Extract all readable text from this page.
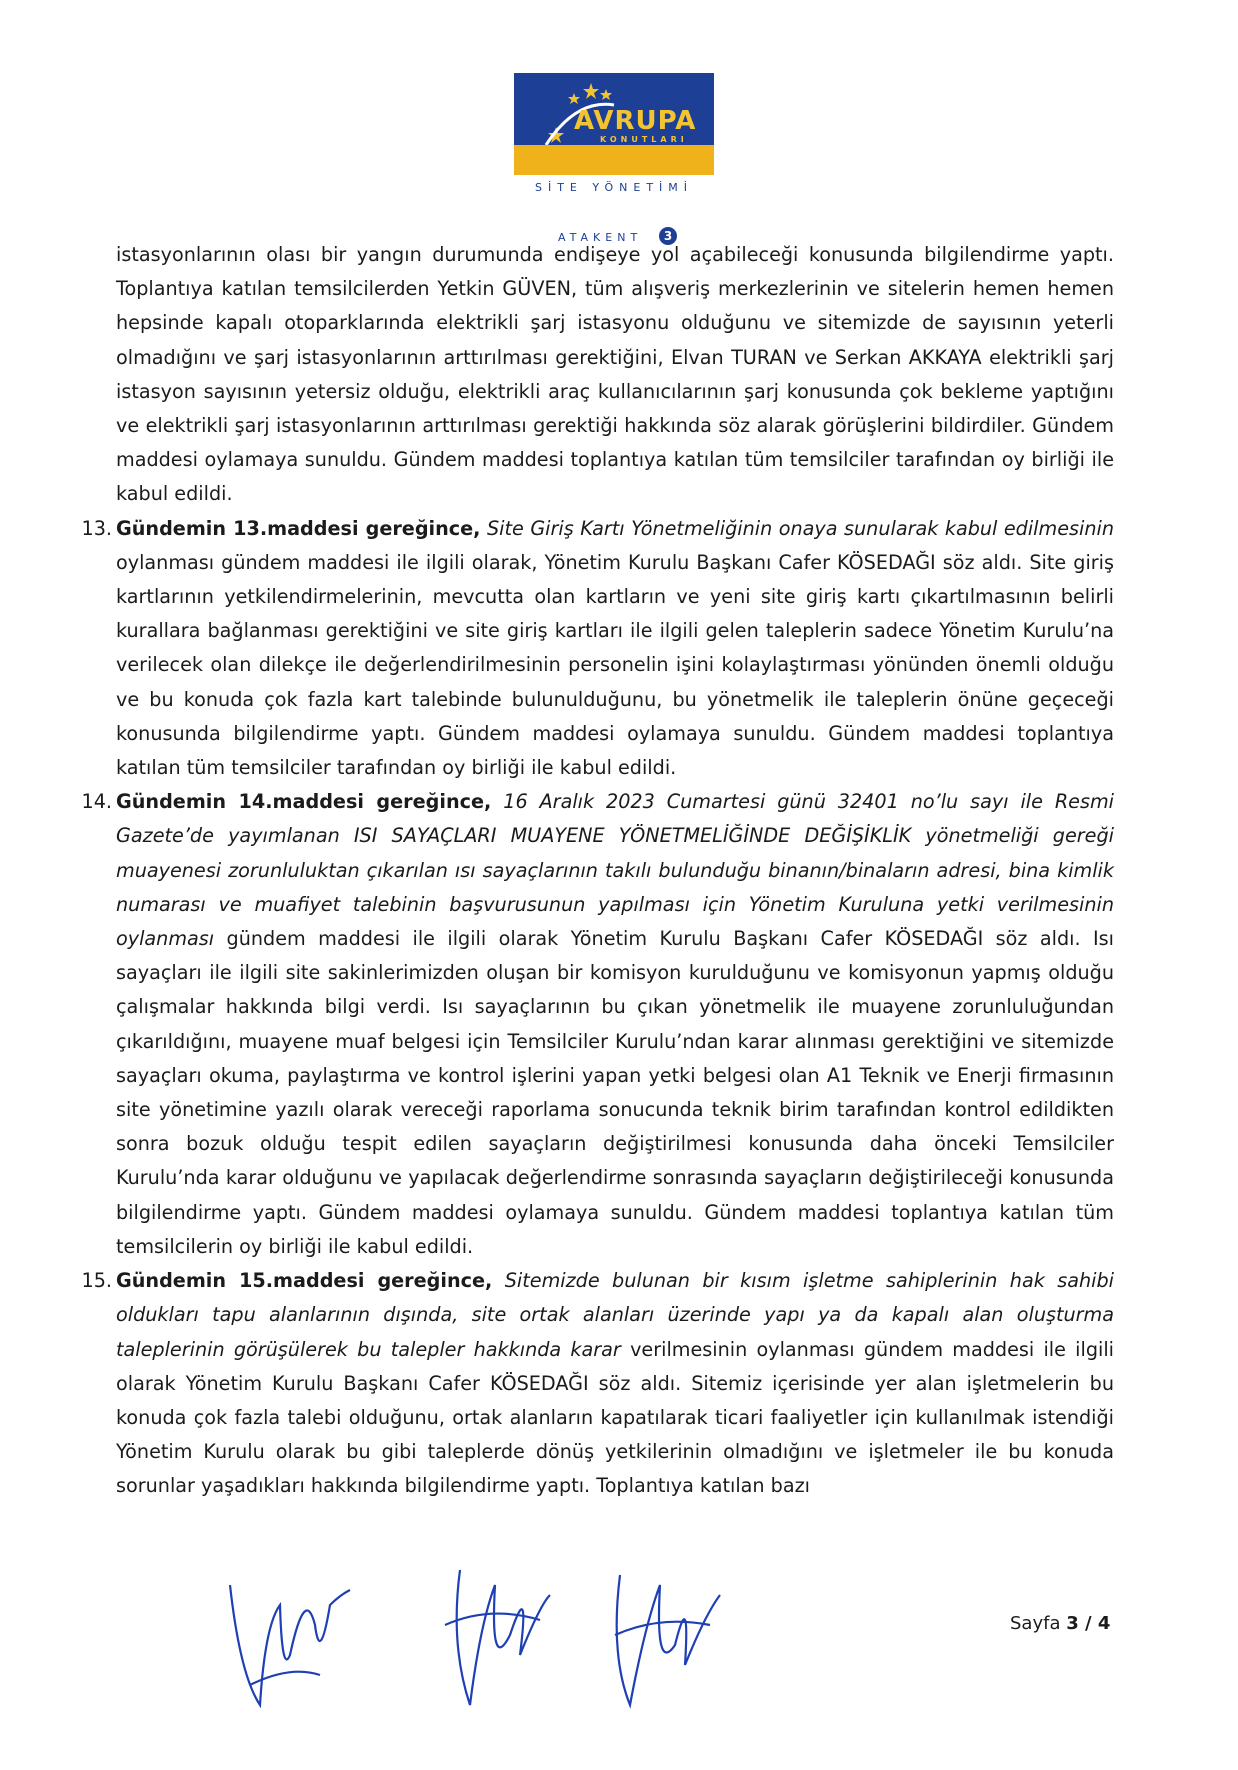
AVRUPA
KONUTLARI
ATAKENT	3
SİTE YÖNETİMİ

istasyonlarının olası bir yangın durumunda endişeye yol açabileceği konusunda bilgilendirme yaptı. Toplantıya katılan temsilcilerden Yetkin GÜVEN, tüm alışveriş merkezlerinin ve sitelerin hemen hemen hepsinde kapalı otoparklarında elektrikli şarj istasyonu olduğunu ve sitemizde de sayısının yeterli olmadığını ve şarj istasyonlarının arttırılması gerektiğini, Elvan TURAN ve Serkan AKKAYA elektrikli şarj istasyon sayısının yetersiz olduğu, elektrikli araç kullanıcılarının şarj konusunda çok bekleme yaptığını ve elektrikli şarj istasyonlarının arttırılması gerektiği hakkında söz alarak görüşlerini bildirdiler. Gündem maddesi oylamaya sunuldu. Gündem maddesi toplantıya katılan tüm temsilciler tarafından oy birliği ile kabul edildi.

13. Gündemin 13.maddesi gereğince, Site Giriş Kartı Yönetmeliğinin onaya sunularak kabul edilmesinin oylanması gündem maddesi ile ilgili olarak, Yönetim Kurulu Başkanı Cafer KÖSEDAĞI söz aldı. Site giriş kartlarının yetkilendirmelerinin, mevcutta olan kartların ve yeni site giriş kartı çıkartılmasının belirli kurallara bağlanması gerektiğini ve site giriş kartları ile ilgili gelen taleplerin sadece Yönetim Kurulu’na verilecek olan dilekçe ile değerlendirilmesinin personelin işini kolaylaştırması yönünden önemli olduğu ve bu konuda çok fazla kart talebinde bulunulduğunu, bu yönetmelik ile taleplerin önüne geçeceği konusunda bilgilendirme yaptı. Gündem maddesi oylamaya sunuldu. Gündem maddesi toplantıya katılan tüm temsilciler tarafından oy birliği ile kabul edildi.

14. Gündemin 14.maddesi gereğince, 16 Aralık 2023 Cumartesi günü 32401 no’lu sayı ile Resmi Gazete’de yayımlanan ISI SAYAÇLARI MUAYENE YÖNETMELİĞİNDE DEĞİŞİKLİK yönetmeliği gereği muayenesi zorunluluktan çıkarılan ısı sayaçlarının takılı bulunduğu binanın/binaların adresi, bina kimlik numarası ve muafiyet talebinin başvurusunun yapılması için Yönetim Kuruluna yetki verilmesinin oylanması gündem maddesi ile ilgili olarak Yönetim Kurulu Başkanı Cafer KÖSEDAĞI söz aldı. Isı sayaçları ile ilgili site sakinlerimizden oluşan bir komisyon kurulduğunu ve komisyonun yapmış olduğu çalışmalar hakkında bilgi verdi. Isı sayaçlarının bu çıkan yönetmelik ile muayene zorunluluğundan çıkarıldığını, muayene muaf belgesi için Temsilciler Kurulu’ndan karar alınması gerektiğini ve sitemizde sayaçları okuma, paylaştırma ve kontrol işlerini yapan yetki belgesi olan A1 Teknik ve Enerji firmasının site yönetimine yazılı olarak vereceği raporlama sonucunda teknik birim tarafından kontrol edildikten sonra bozuk olduğu tespit edilen sayaçların değiştirilmesi konusunda daha önceki Temsilciler Kurulu’nda karar olduğunu ve yapılacak değerlendirme sonrasında sayaçların değiştirileceği konusunda bilgilendirme yaptı. Gündem maddesi oylamaya sunuldu. Gündem maddesi toplantıya katılan tüm temsilcilerin oy birliği ile kabul edildi.

15. Gündemin 15.maddesi gereğince, Sitemizde bulunan bir kısım işletme sahiplerinin hak sahibi oldukları tapu alanlarının dışında, site ortak alanları üzerinde yapı ya da kapalı alan oluşturma taleplerinin görüşülerek bu talepler hakkında karar verilmesinin oylanması gündem maddesi ile ilgili olarak Yönetim Kurulu Başkanı Cafer KÖSEDAĞI söz aldı. Sitemiz içerisinde yer alan işletmelerin bu konuda çok fazla talebi olduğunu, ortak alanların kapatılarak ticari faaliyetler için kullanılmak istendiği Yönetim Kurulu olarak bu gibi taleplerde dönüş yetkilerinin olmadığını ve işletmeler ile bu konuda sorunlar yaşadıkları hakkında bilgilendirme yaptı. Toplantıya katılan bazı

Sayfa 3 / 4
